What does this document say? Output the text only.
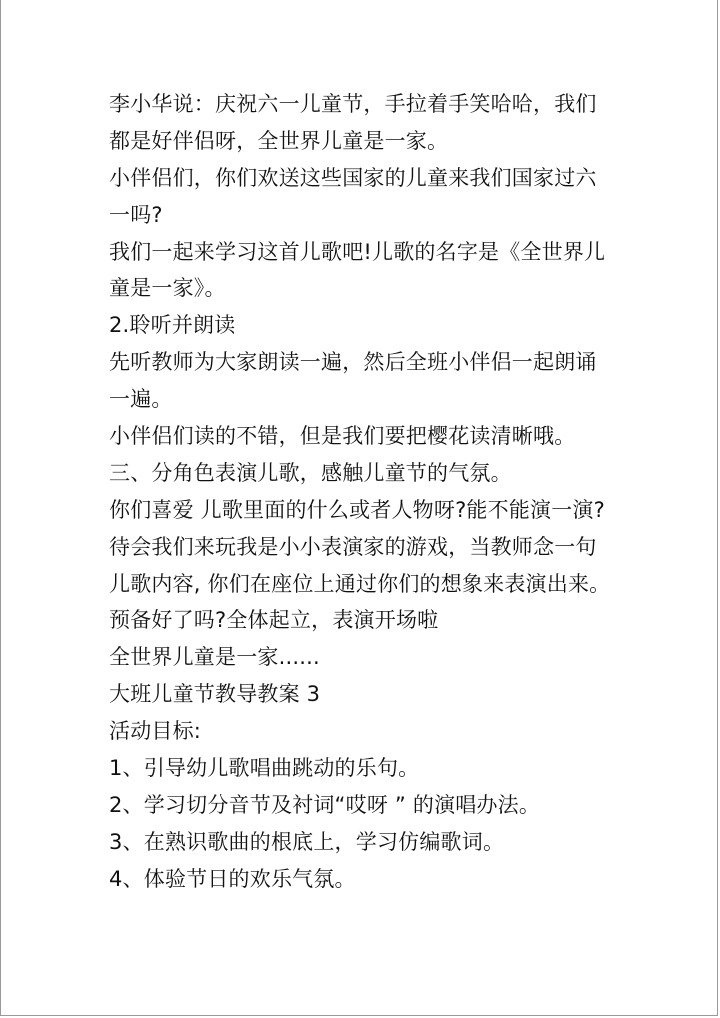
李小华说：庆祝六一儿童节，手拉着手笑哈哈，我们
都是好伴侣呀，全世界儿童是一家。
小伴侣们，你们欢送这些国家的儿童来我们国家过六
一吗?
我们一起来学习这首儿歌吧!儿歌的名字是《全世界儿
童是一家》。
2.聆听并朗读
先听教师为大家朗读一遍，然后全班小伴侣一起朗诵
一遍。
小伴侣们读的不错，但是我们要把樱花读清晰哦。
三、分角色表演儿歌，感触儿童节的气氛。
你们喜爱 儿歌里面的什么或者人物呀?能不能演一演?
待会我们来玩我是小小表演家的游戏，当教师念一句
儿歌内容, 你们在座位上通过你们的想象来表演出来。
预备好了吗?全体起立，表演开场啦
全世界儿童是一家......
大班儿童节教导教案 3
活动目标:
1、引导幼儿歌唱曲跳动的乐句。
2、学习切分音节及衬词“哎呀 ” 的演唱办法。
3、在熟识歌曲的根底上，学习仿编歌词。
4、体验节日的欢乐气氛。
